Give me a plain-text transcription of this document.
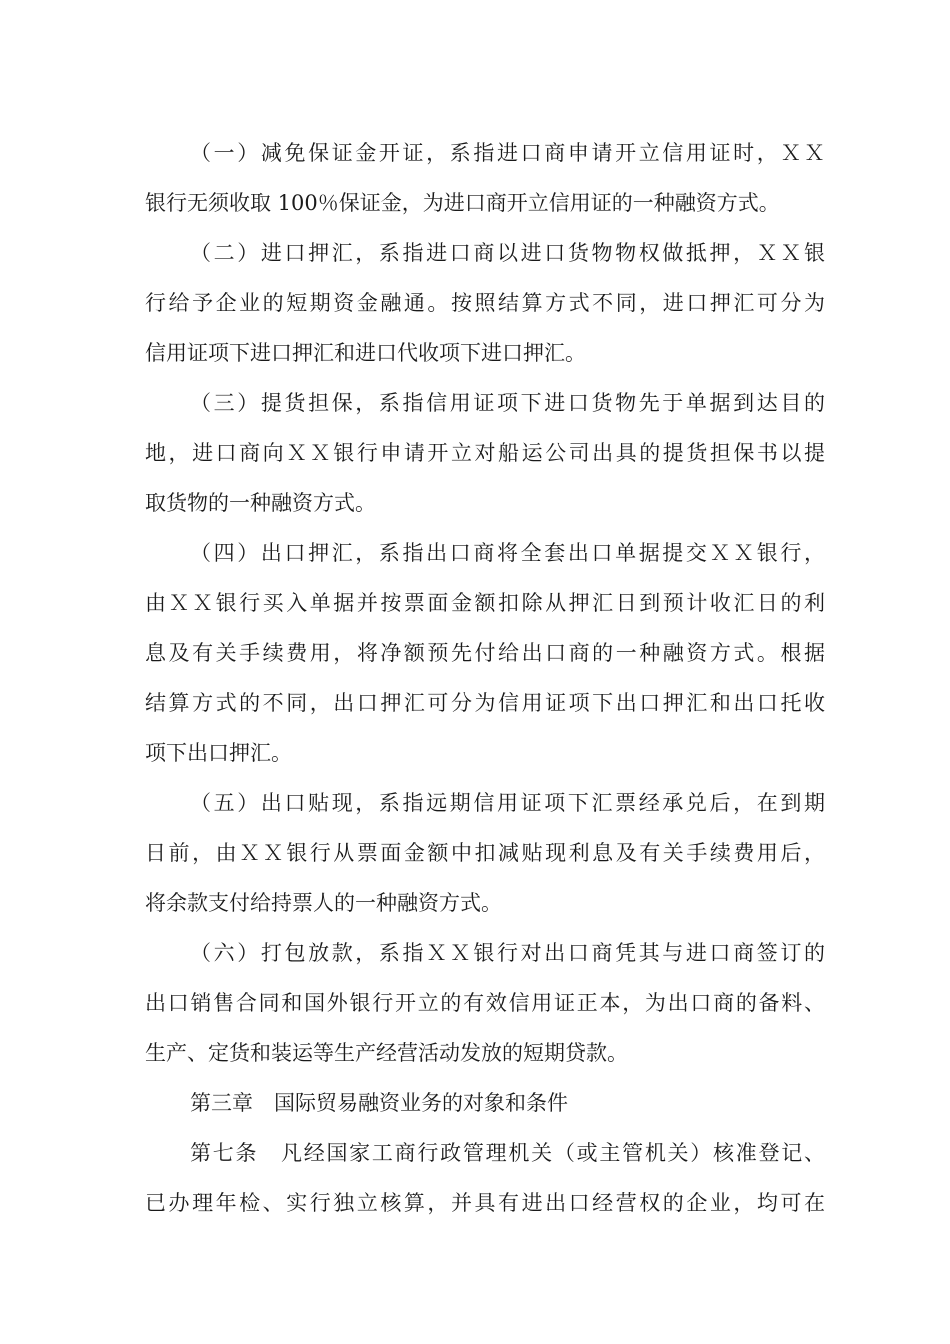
（一）减免保证金开证，系指进口商申请开立信用证时，ＸＸ
银行无须收取 100％保证金，为进口商开立信用证的一种融资方式。
（二）进口押汇，系指进口商以进口货物物权做抵押，ＸＸ银
行给予企业的短期资金融通。按照结算方式不同，进口押汇可分为
信用证项下进口押汇和进口代收项下进口押汇。
（三）提货担保，系指信用证项下进口货物先于单据到达目的
地，进口商向ＸＸ银行申请开立对船运公司出具的提货担保书以提
取货物的一种融资方式。
（四）出口押汇，系指出口商将全套出口单据提交ＸＸ银行，
由ＸＸ银行买入单据并按票面金额扣除从押汇日到预计收汇日的利
息及有关手续费用，将净额预先付给出口商的一种融资方式。根据
结算方式的不同，出口押汇可分为信用证项下出口押汇和出口托收
项下出口押汇。
（五）出口贴现，系指远期信用证项下汇票经承兑后，在到期
日前，由ＸＸ银行从票面金额中扣减贴现利息及有关手续费用后，
将余款支付给持票人的一种融资方式。
（六）打包放款，系指ＸＸ银行对出口商凭其与进口商签订的
出口销售合同和国外银行开立的有效信用证正本，为出口商的备料、
生产、定货和装运等生产经营活动发放的短期贷款。
第三章　国际贸易融资业务的对象和条件
第七条　凡经国家工商行政管理机关（或主管机关）核准登记、
已办理年检、实行独立核算，并具有进出口经营权的企业，均可在
